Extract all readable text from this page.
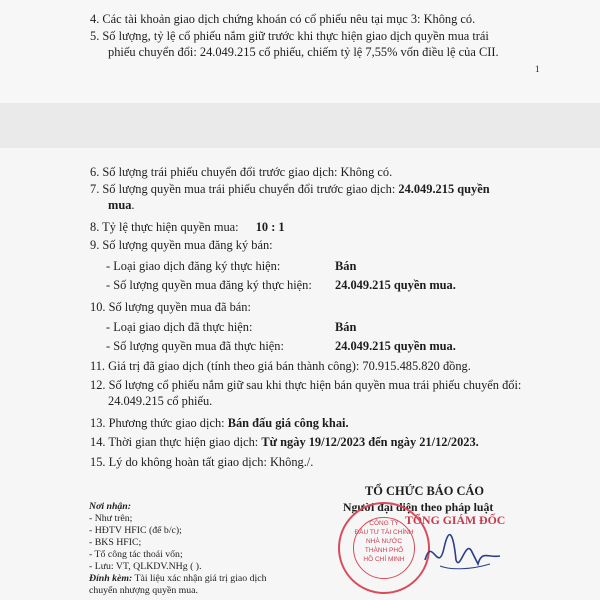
4. Các tài khoản giao dịch chứng khoán có cổ phiếu nêu tại mục 3: Không có.
5. Số lượng, tỷ lệ cổ phiếu nắm giữ trước khi thực hiện giao dịch quyền mua trái
phiếu chuyển đổi: 24.049.215 cổ phiếu, chiếm tỷ lệ 7,55% vốn điều lệ của CII.
1
6. Số lượng trái phiếu chuyển đổi trước giao dịch: Không có.
7. Số lượng quyền mua trái phiếu chuyển đổi trước giao dịch: 24.049.215 quyền
mua.
8. Tỷ lệ thực hiện quyền mua: 10 : 1
9. Số lượng quyền mua đăng ký bán:
- Loại giao dịch đăng ký thực hiện:	Bán
- Số lượng quyền mua đăng ký thực hiện: 24.049.215 quyền mua.
10. Số lượng quyền mua đã bán:
- Loại giao dịch đã thực hiện:	Bán
- Số lượng quyền mua đã thực hiện:	24.049.215 quyền mua.
11. Giá trị đã giao dịch (tính theo giá bán thành công): 70.915.485.820 đồng.
12. Số lượng cổ phiếu nắm giữ sau khi thực hiện bán quyền mua trái phiếu chuyển đổi:
24.049.215 cổ phiếu.
13. Phương thức giao dịch: Bán đấu giá công khai.
14. Thời gian thực hiện giao dịch: Từ ngày 19/12/2023 đến ngày 21/12/2023.
15. Lý do không hoàn tất giao dịch: Không./.
Nơi nhận:
- Như trên;
- HĐTV HFIC (để b/c);
- BKS HFIC;
- Tổ công tác thoái vốn;
- Lưu: VT, QLKDV.NHg ( ).
Đính kèm: Tài liệu xác nhận giá trị giao dịch
chuyển nhượng quyền mua.
TỔ CHỨC BÁO CÁO
Người đại diện theo pháp luật
TỔNG GIÁM ĐỐC
CÔNG TY
ĐẦU TƯ TÀI CHÍNH
NHÀ NƯỚC
THÀNH PHỐ
HỒ CHÍ MINH
